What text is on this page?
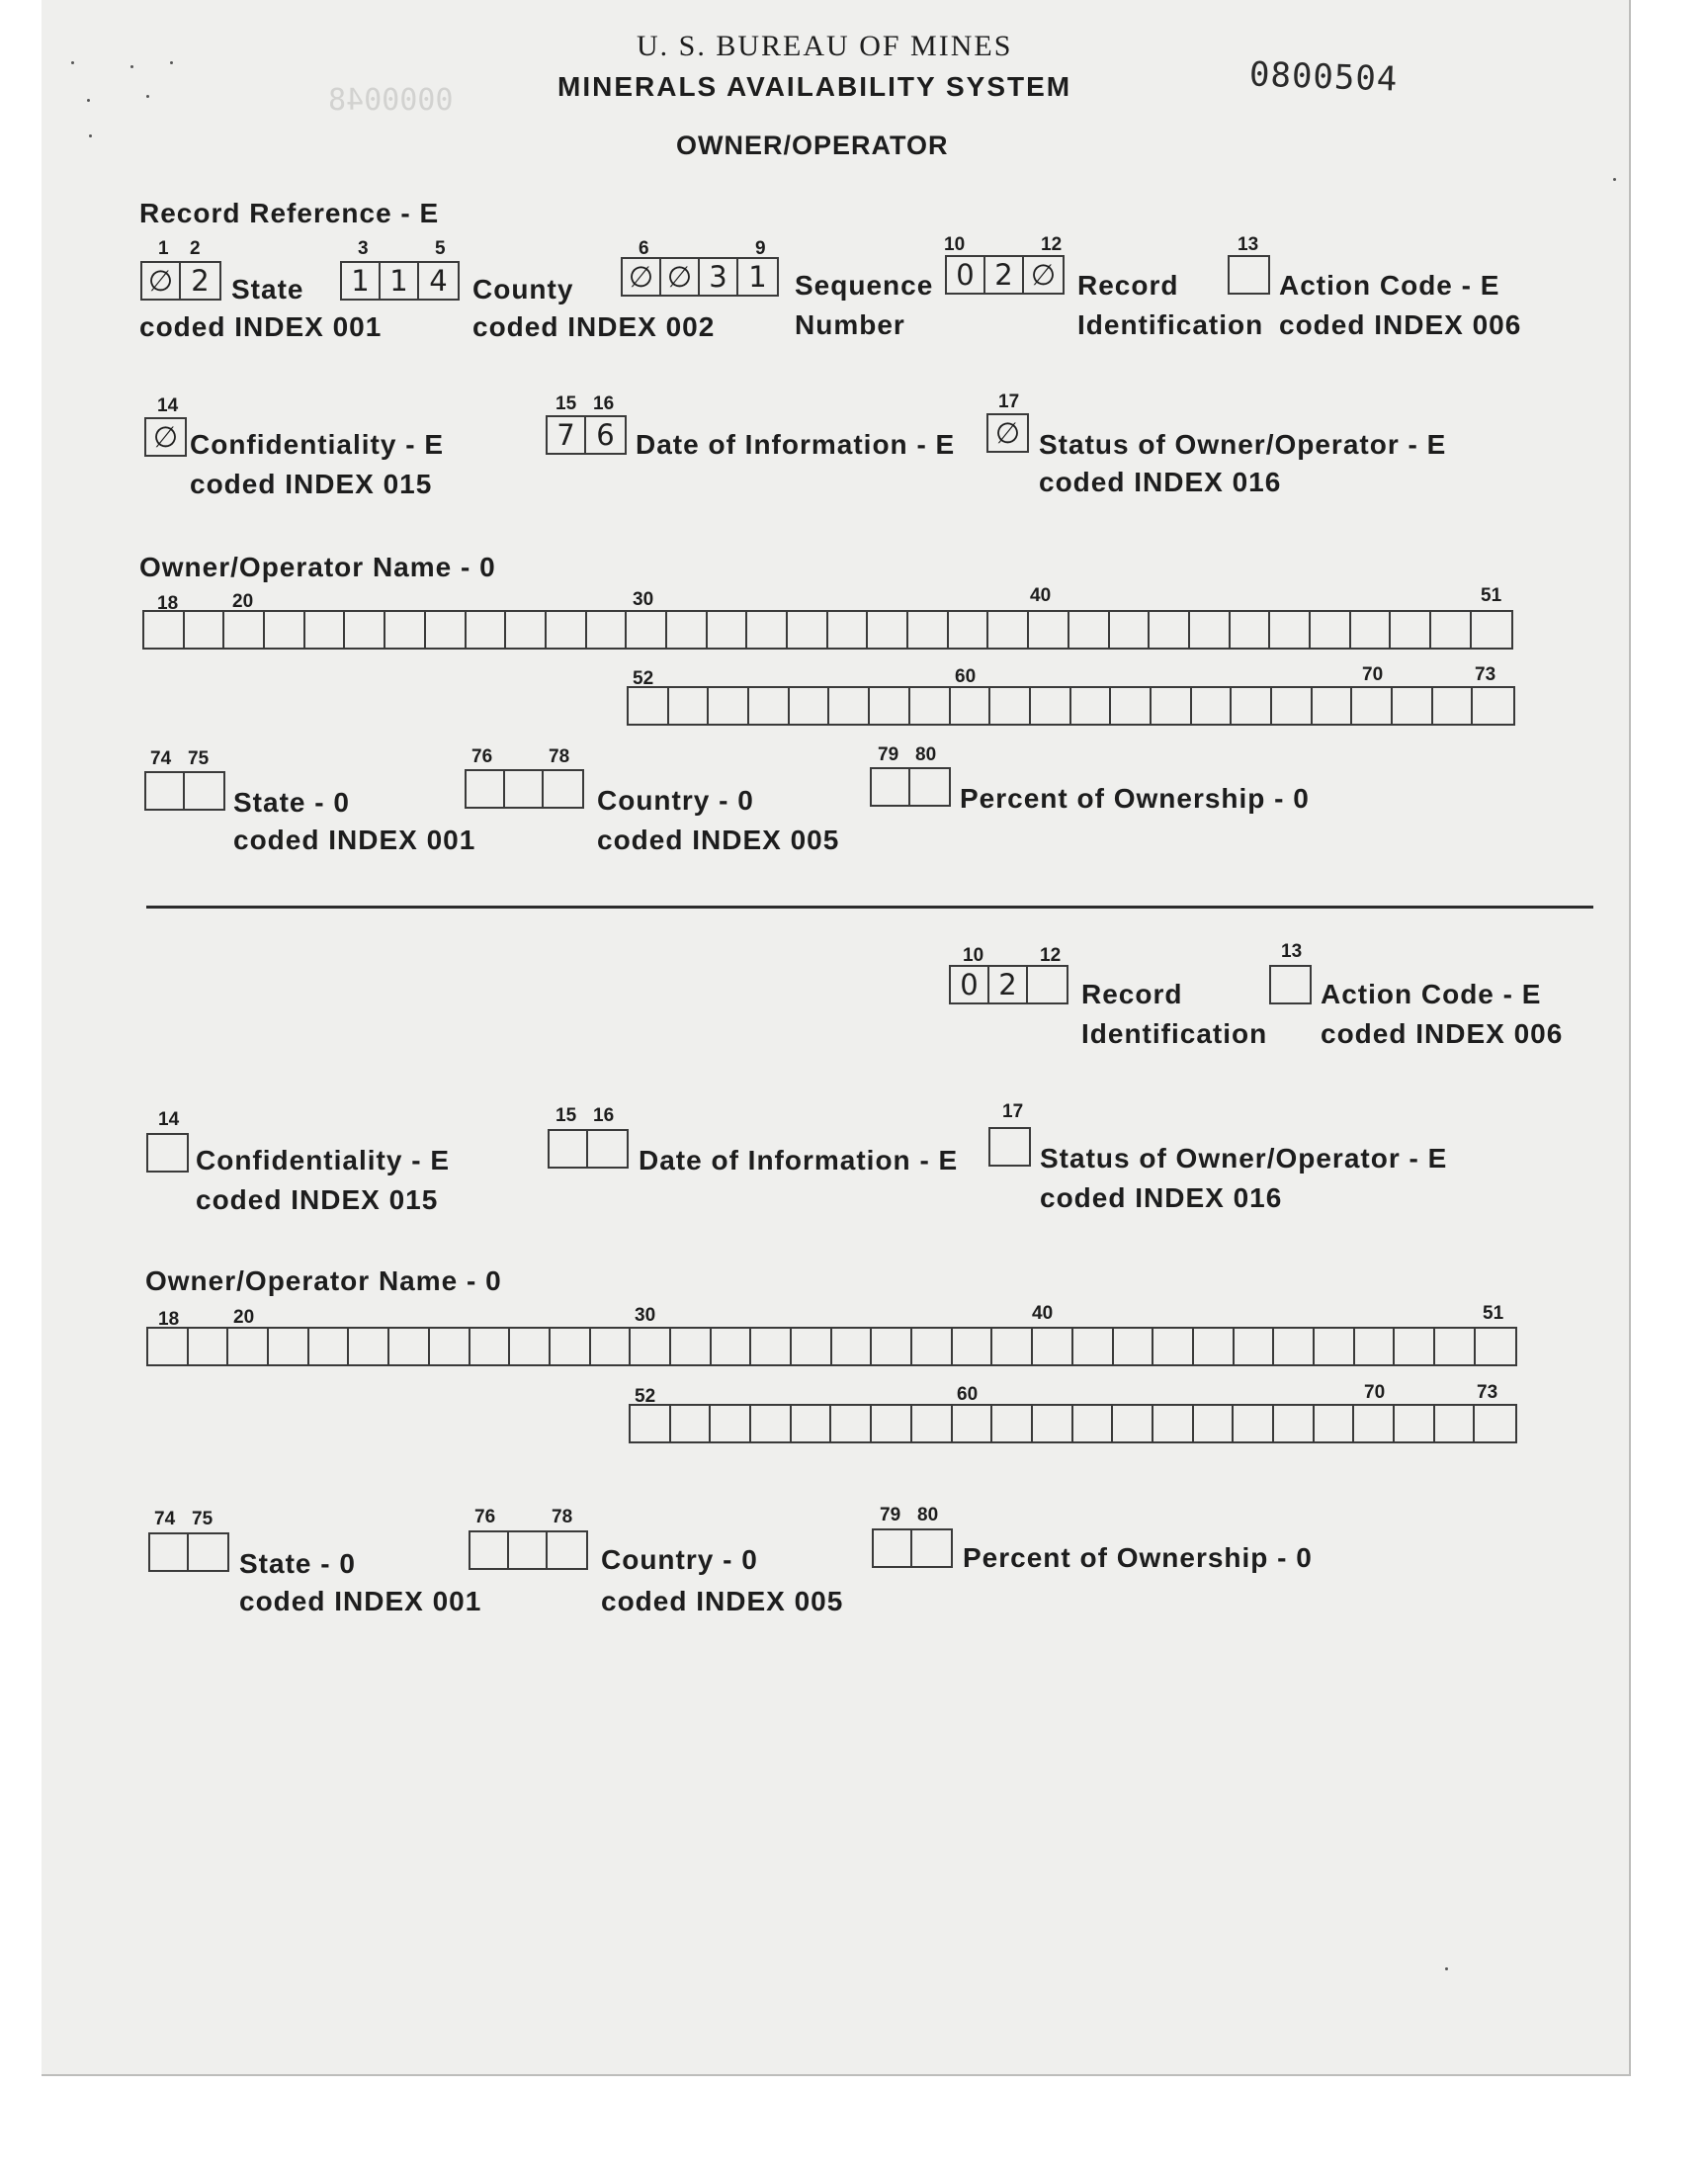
0000048
0800504
U. S. BUREAU OF MINES
MINERALS AVAILABILITY SYSTEM
OWNER/OPERATOR
Record Reference - E
1 2
∅ 2 State
coded INDEX 001
3	5
1 1 4 County
coded INDEX 002
6	9
∅ ∅ 3 1	Sequence
Number
10	12
0 2 ∅ Record
Identification
13
Action Code - E
coded INDEX 006
14
∅ Confidentiality - E
coded INDEX 015
15 16
7 6 Date of Information - E
17
∅ Status of Owner/Operator - E
coded INDEX 016
Owner/Operator Name - 0
18	20	30	40	51
52	60	70	73
74 75
State - 0
coded INDEX 001
76	78
Country - 0
coded INDEX 005
79 80
Percent of Ownership - 0
10	12
0 2	Record
Identification
13
Action Code - E
coded INDEX 006
14
Confidentiality - E
coded INDEX 015
15 16
Date of Information - E
17
Status of Owner/Operator - E
coded INDEX 016
Owner/Operator Name - 0
18	20	30	40	51
52	60	70	73
74 75
State - 0
coded INDEX 001
76	78
Country - 0
coded INDEX 005
79 80
Percent of Ownership - 0
